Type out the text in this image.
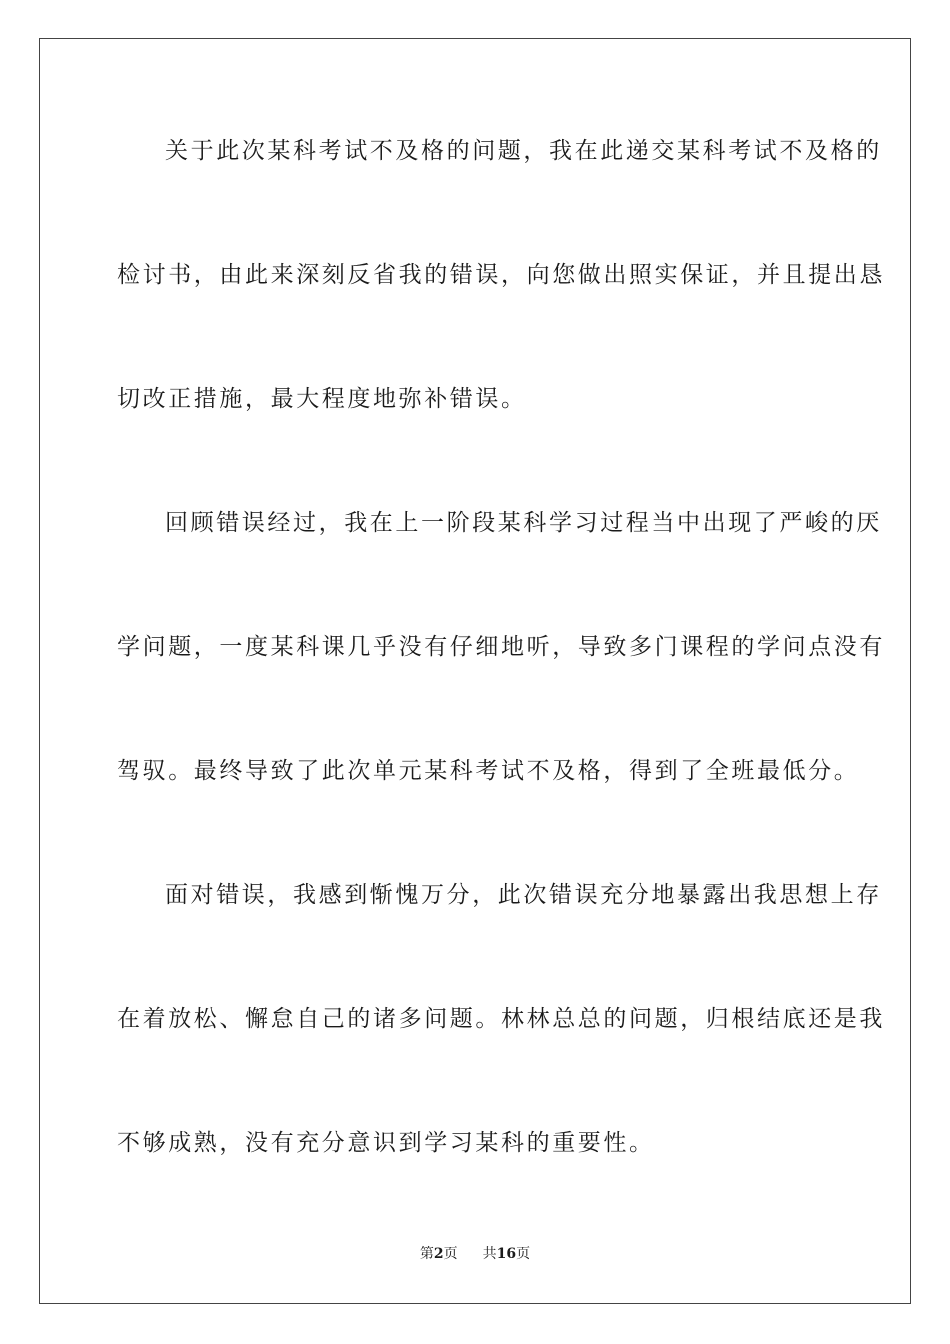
关于此次某科考试不及格的问题，我在此递交某科考试不及格的
检讨书，由此来深刻反省我的错误，向您做出照实保证，并且提出恳
切改正措施，最大程度地弥补错误。
回顾错误经过，我在上一阶段某科学习过程当中出现了严峻的厌
学问题，一度某科课几乎没有仔细地听，导致多门课程的学问点没有
驾驭。最终导致了此次单元某科考试不及格，得到了全班最低分。
面对错误，我感到惭愧万分，此次错误充分地暴露出我思想上存
在着放松、懈怠自己的诸多问题。林林总总的问题，归根结底还是我
不够成熟，没有充分意识到学习某科的重要性。
第2页 共16页
